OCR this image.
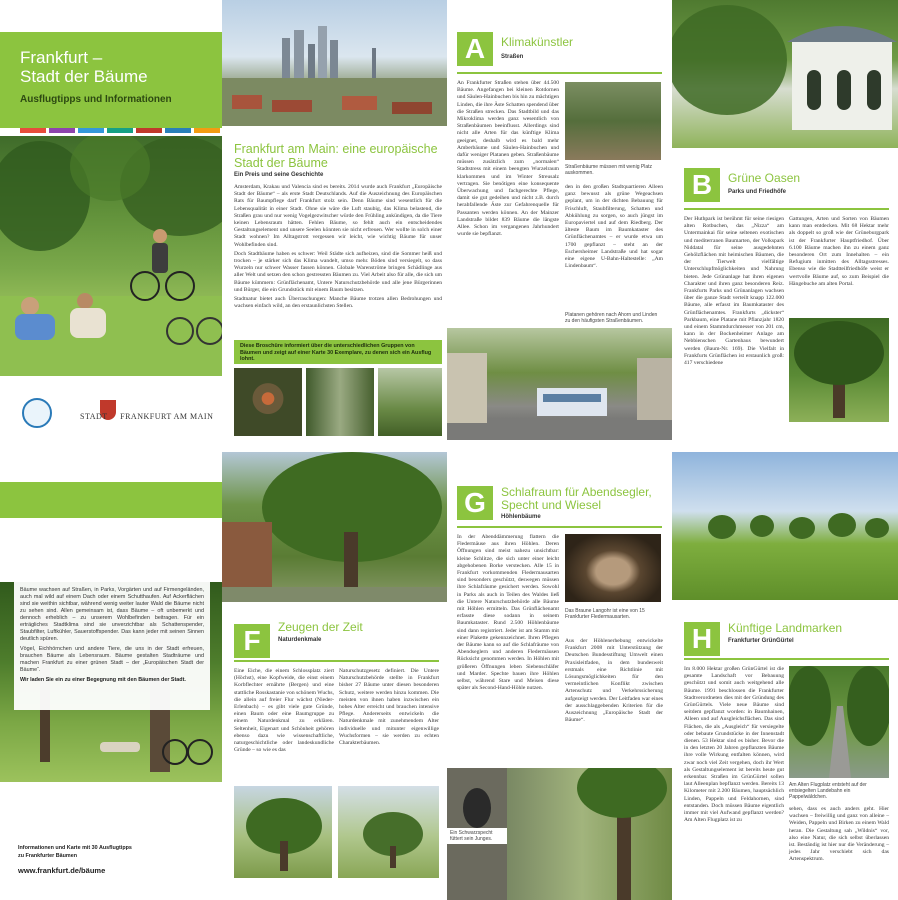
Frankfurt –
Stadt der Bäume
Ausflugtipps und Informationen
STADT     FRANKFURT AM MAIN
Frankfurt am Main: eine europäische Stadt der Bäume
Ein Preis und seine Geschichte

Amsterdam, Krakau und Valencia sind es bereits. 2014 wurde auch Frankfurt „Europäische Stadt der Bäume“ – als erste Stadt Deutschlands. Auf die Auszeichnung des Europäischen Rats für Baumpflege darf Frankfurt stolz sein. Denn Bäume sind wesentlich für die Lebensqualität in einer Stadt. Ohne sie wäre die Luft staubig, das Klima belastend, die Straßen grau und nur wenig Vogelgezwitscher würde den Frühling ankündigen, da die Tiere keinen Lebensraum hätten. Fehlen Bäume, so fehlt auch ein entscheidendes Gestaltungselement und unsere Seelen könnten sie nicht erfreuen. Wer wollte in solch einer Stadt wohnen? Im Alltagstrott vergessen wir leicht, wie wichtig Bäume für unser Wohlbefinden sind.

Doch Stadtbäume haben es schwer: Weil Städte sich aufheizen, sind die Sommer heiß und trocken – je stärker sich das Klima wandelt, umso mehr. Böden sind versiegelt, so dass Wurzeln nur schwer Wasser fassen können. Globale Warenströme bringen Schädlinge aus aller Welt und setzen den schon gestressten Bäumen zu. Viel Arbeit also für alle, die sich um Bäume kümmern: Grünflächenamt, Untere Naturschutzbehörde und alle jene Bürgerinnen und Bürger, die ein Grundstück mit einem Baum besitzen.

Stadtnatur bietet auch Überraschungen: Manche Bäume trotzen allen Bedrohungen und wachsen einfach wild, an den erstaunlichsten Stellen.

Diese Broschüre informiert über die unterschiedlichen Gruppen von Bäumen und zeigt auf einer Karte 30 Exemplare, zu denen sich ein Ausflug lohnt.
A	Klimakünstler
Straßen
An Frankfurter Straßen stehen über 44.500 Bäume. Angefangen bei kleinen Rotdornen und Säulen-Hainbuchen bis hin zu mächtigen Linden, die ihre Äste Schatten spendend über die Straßen strecken. Das Stadtbild und das Mikroklima werden ganz wesentlich von Straßenbäumen beeinflusst. Allerdings sind nicht alle Arten für das künftige Klima geeignet, deshalb wird es bald mehr Amberbäume und Säulen-Hainbuchen und dafür weniger Platanen geben. Straßenbäume müssen zusätzlich zum „normalen“ Stadtstress mit einem beengten Wurzelraum klarkommen und im Winter Streusalz vertragen. Sie benötigen eine konsequente Überwachung und fachgerechte Pflege, damit sie gut gedeihen und nicht z.B. durch herabfallende Äste zur Gefahrenquelle für Passanten werden können. An der Mainzer Landstraße bildet 839 Bäume die längste Allee. Schon im vergangenen Jahrhundert wurde sie bepflanzt.
Straßenbäume müssen mit wenig Platz auskommen.
den in den großen Stadtquartieren Alleen ganz bewusst als grüne Wegeachsen geplant, um in der dichten Bebauung für Frischluft, Staubfilterung, Schatten und Abkühlung zu sorgen, so auch jüngst im Europaviertel und auf dem Riedberg. Der älteste Baum im Baumkataster des Grünflächenamtes – er wurde etwa um 1700 gepflanzt – steht an der Eschersheimer Landstraße und hat sogar eine eigene U-Bahn-Haltestelle: „Am Lindenbaum“.
Platanen gehören nach Ahorn und Linden zu den häufigsten Straßenbäumen.
B	Grüne Oasen
Parks und Friedhöfe
Der Huthpark ist berühmt für seine riesigen alten Rotbuchen, das „Nizza“ am Untermainkai für seine seltenen exotischen und mediterranen Baumarten, der Volkspark Niddatal für seine ausgedehnten Gehölzflächen mit heimischen Bäumen, die der Tierwelt vielfältige Unterschlupfmöglichkeiten und Nahrung bieten. Jede Grünanlage hat ihren eigenen Charakter und ihren ganz besonderen Reiz. Frankfurts Parks und Grünanlagen wachsen über die ganze Stadt verteilt knapp 122.000 Bäume, alle erfasst im Baumkataster des Grünflächenamtes. Frankfurts „dickster“ Parkbaum, eine Platane mit Pflanzjahr 1820 und einem Stammdurchmesser von 201 cm, kann in der Bockenheimer Anlage am Nebbienschen Gartenhaus bewundert werden (Baum-Nr. 169). Die Vielfalt in Frankfurts Grünflächen ist erstaunlich groß: 417 verschiedene
Gattungen, Arten und Sorten von Bäumen kann man entdecken. Mit 68 Hektar mehr als doppelt so groß wie der Grüneburgpark ist der Frankfurter Hauptfriedhof. Über 6.100 Bäume machen ihn zu einem ganz besonderen Ort zum Innehalten – ein Refugium inmitten des Alltagsstresses. Ebenso wie die Stadtteilfriedhöfe weist er wertvolle Bäume auf, so zum Beispiel die Hängebuche am alten Portal.
Bäume wachsen auf Straßen, in Parks, Vorgärten und auf Firmengeländen, auch mal wild auf einem Dach oder einem Schutthaufen. Auf Ackerflächen sind sie weithin sichtbar, während wenig weiter lauter Wald die Bäume nicht zu sehen sind. Allen gemeinsam ist, dass Bäume – oft unbemerkt und dennoch erheblich – zu unserem Wohlbefinden beitragen. Für ein erträgliches Stadtklima sind sie unverzichtbar als Schattenspender, Staubfilter, Luftkühler, Sauerstoffspender. Das kann jeder mit seinen Sinnen deutlich spüren.
Vögel, Eichhörnchen und andere Tiere, die uns in der Stadt erfreuen, brauchen Bäume als Lebensraum. Bäume gestalten Stadträume und machen Frankfurt zu einer grünen Stadt – der „Europäischen Stadt der Bäume“.
Wir laden Sie ein zu einer Begegnung mit den Bäumen der Stadt.
Informationen und Karte mit 30 Ausflugtipps
zu Frankfurter Bäumen
www.frankfurt.de/bäume
F	Zeugen der Zeit
Naturdenkmale
Eine Eiche, die einem Schlossplatz ziert (Höchst), eine Kopfweide, die einst einem Korbflechter ernährte (Bergen) und eine stattliche Rosskastanie von schönem Wuchs, die allein auf freier Flur wächst (Nieder-Erlenbach) – es gibt viele gute Gründe, einen Baum oder eine Baumgruppe zu einem Naturdenkmal zu erklären. Seltenheit, Eigenart und Schönheit gehören ebenso dazu wie wissenschaftliche, naturgeschichtliche oder landeskundliche Gründe – so wie es das
Naturschutzgesetz definiert. Die Untere Naturschutzbehörde stellte in Frankfurt bisher 27 Bäume unter diesen besonderen Schutz, weitere werden hinzu kommen. Die meisten von ihnen haben inzwischen ein hohes Alter erreicht und brauchen intensive Pflege. Andererseits entwickeln die Naturdenkmale mit zunehmendem Alter individuelle und mitunter eigenwillige Wuchsformen – sie werden zu echten Charakterbäumen.
G	Schlafraum für Abendsegler, Specht und Wiesel
Höhlenbäume
In der Abenddämmerung flattern die Fledermäuse aus ihren Höhlen. Deren Öffnungen sind meist nahezu unsichtbar: kleine Schlitze, die sich unter einer leicht abgehobenen Borke verstecken. Alle 15 in Frankfurt vorkommenden Fledermausarten sind besonders geschützt, deswegen müssen ihre Schlafräume gesichert werden. Sowohl in Parks als auch in Teilen des Waldes ließ die Untere Naturschutzbehörde alle Bäume mit Höhlen ermitteln. Das Grünflächenamt erfasste diese sodann in seinem Baumkataster. Rund 2.500 Höhlenbäume sind dann registriert. Jeder ist am Stamm mit einer Plakette gekennzeichnet. Ihren Pflegen der Bäume kann so auf die Schlafräume von Abendseglern und anderen Fledermäusen Rücksicht genommen werden. In Höhlen mit größeren Öffnungen leben Siebenschläfer und Marder. Spechte bauen ihre Höhlen selbst, während Stare und Meisen diese später als Second-Hand-Höhle nutzen.
Das Braune Langohr ist eine von 15 Frankfurter Fledermausarten.
Aus der Höhlenerhebung entwickelte Frankfurt 2008 mit Unterstützung der Deutschen Bundesstiftung Umwelt einen Praxisleitfaden, in dem bundesweit erstmals eine Richtlinie mit Lösungsmöglichkeiten für den vermeintlichen Konflikt zwischen Artenschutz und Verkehrssicherung aufgezeigt werden. Der Leitfaden war eines der ausschlaggebenden Kriterien für die Auszeichnung „Europäische Stadt der Bäume“.
Ein Schwarzspecht füttert sein Junges.
H	Künftige Landmarken
Frankfurter GrünGürtel
Im 8.000 Hektar großen GrünGürtel ist die gesamte Landschaft vor Bebauung geschützt und somit auch weitgehend alle Bäume. 1991 beschlossen die Frankfurter Stadtverordneten dies mit der Gründung des GrünGürtels. Viele neue Bäume sind seitdem gepflanzt worden: in Baumhainen, Alleen und auf Ausgleichsflächen. Das sind Flächen, die als „Ausgleich“ für versiegelte oder bebaute Grundstücke in der Innenstadt dienen. 53 Hektar sind es bisher. Bevor die in den letzten 20 Jahren gepflanzten Bäume ihre volle Wirkung entfalten können, wird zwar noch viel Zeit vergehen, doch ihr Wert als Gestaltungselement ist bereits heute gut erkennbar. Straßen im GrünGürtel sollen laut Alleenplan bepflanzt werden. Bereits 13 Kilometer mit 2.200 Bäumen, hauptsächlich Linden, Pappeln und Feldahornen, sind entstanden. Doch müssen Bäume eigentlich immer mit viel Aufwand gepflanzt werden? Am Alten Flugplatz ist zu
Am Alten Flugplatz entsteht auf der entsiegelten Landebahn ein Pappelwäldchen.
sehen, dass es auch anders geht. Hier wachsen – freiwillig und ganz von alleine – Weiden, Pappeln und Birken zu einem Wald heran. Die Gestaltung sah „Wildnis“ vor, also eine Natur, die sich selbst überlassen ist. Beständig ist hier nur die Veränderung – jedes Jahr verschiebt sich das Artenspektrum.
